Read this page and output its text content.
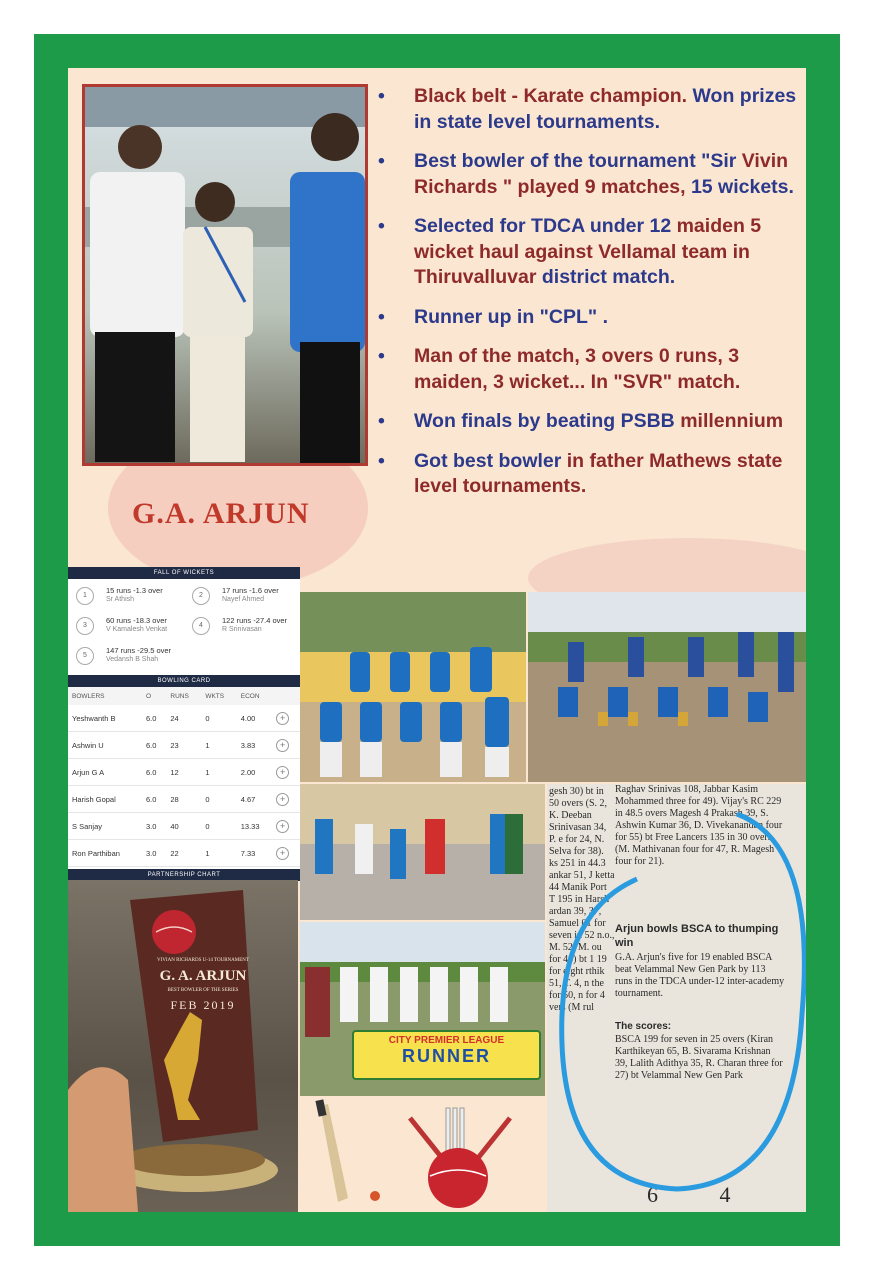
G.A. ARJUN
• Black belt - Karate champion. Won prizes in state level tournaments.
• Best bowler of the tournament "Sir Vivin Richards " played 9 matches, 15 wickets.
• Selected for TDCA under 12 maiden 5 wicket haul against Vellamal team in Thiruvalluvar district match.
• Runner up in "CPL" .
• Man of the match, 3 overs 0 runs, 3 maiden, 3 wicket... In "SVR" match.
• Won finals by beating PSBB millennium
• Got best bowler in father Mathews state level tournaments.
FALL OF WICKETS
1
15 runs -1.3 over
Sr Athish
2
17 runs -1.6 over
Nayef Ahmed
3
60 runs -18.3 over
V Kamalesh Venkat
4
122 runs -27.4 over
R Srinivasan
5
147 runs -29.5 over
Vedansh B Shah
BOWLING CARD
BOWLERS	O	RUNS	WKTS	ECON	
Yeshwanth B	6.0	24	0	4.00	+
Ashwin U	6.0	23	1	3.83	+
Arjun G A	6.0	12	1	2.00	+
Harish Gopal	6.0	28	0	4.67	+
S Sanjay	3.0	40	0	13.33	+
Ron Parthiban	3.0	22	1	7.33	+
PARTNERSHIP CHART
CITY PREMIER LEAGUE
RUNNER
VIVIAN RICHARDS U-14 TOURNAMENT
G. A. ARJUN
BEST BOWLER OF THE SERIES
FEB 2019
gesh 30) bt in 50 overs (S. 2, K. Deeban Srinivasan 34, P. e for 24, N. Selva for 38). ks 251 in 44.3 ankar 51, J ketta 44 Manik Port T 195 in Harsh ardan 39, 37, Samuel 01 for seven in 52 n.o., M. 52, M. ou for 48) bt 1 19 for eight rthik 51, T. 4, n the for 50, n for 4 vers (M rul
Raghav Srinivas 108, Jabbar Kasim Mohammed three for 49). Vijay's RC 229 in 48.5 overs Magesh 4 Prakash 39, S. Ashwin Kumar 36, D. Vivekanandan four for 55) bt Free Lancers 135 in 30 overs (M. Mathivanan four for 47, R. Magesh four for 21).
Arjun bowls BSCA to thumping win
G.A. Arjun's five for 19 enabled BSCA beat Velammal New Gen Park by 113 runs in the TDCA under-12 inter-academy tournament.
The scores:
BSCA 199 for seven in 25 overs (Kiran Karthikeyan 65, B. Sivarama Krishnan 39, Lalith Adithya 35, R. Charan three for 27) bt Velammal New Gen Park
6 4
